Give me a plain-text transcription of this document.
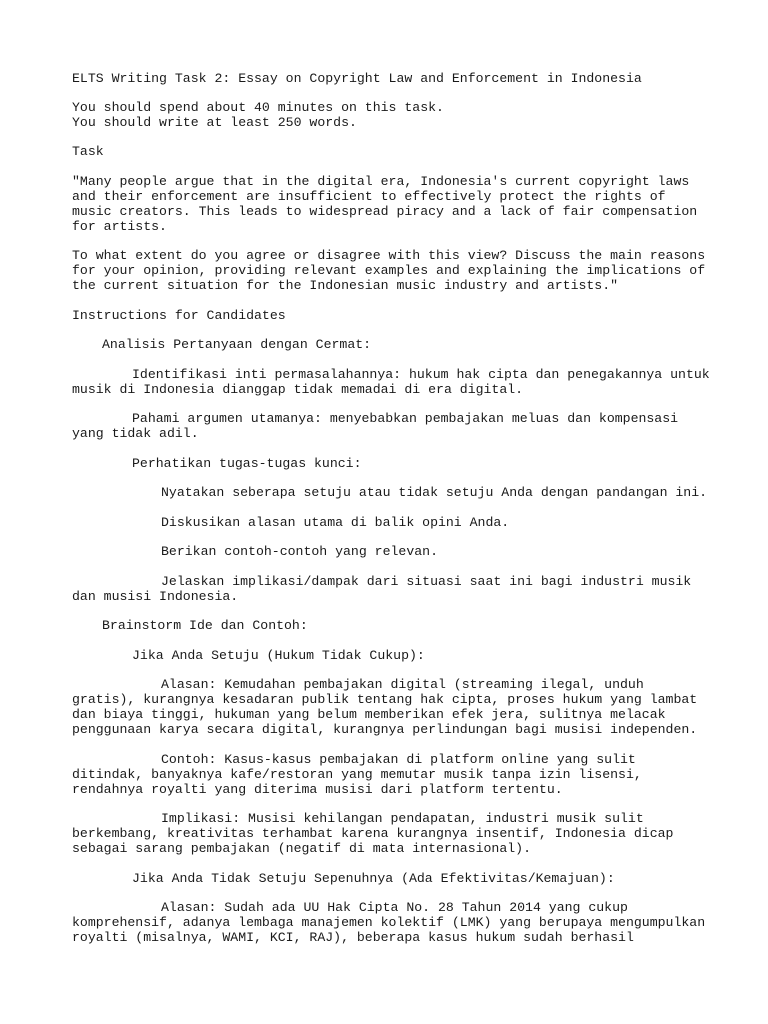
ELTS Writing Task 2: Essay on Copyright Law and Enforcement in Indonesia

You should spend about 40 minutes on this task.
You should write at least 250 words.

Task

"Many people argue that in the digital era, Indonesia's current copyright laws and their enforcement are insufficient to effectively protect the rights of music creators. This leads to widespread piracy and a lack of fair compensation for artists.

To what extent do you agree or disagree with this view? Discuss the main reasons for your opinion, providing relevant examples and explaining the implications of the current situation for the Indonesian music industry and artists."

Instructions for Candidates

Analisis Pertanyaan dengan Cermat:

Identifikasi inti permasalahannya: hukum hak cipta dan penegakannya untuk musik di Indonesia dianggap tidak memadai di era digital.

Pahami argumen utamanya: menyebabkan pembajakan meluas dan kompensasi yang tidak adil.

Perhatikan tugas-tugas kunci:

Nyatakan seberapa setuju atau tidak setuju Anda dengan pandangan ini.

Diskusikan alasan utama di balik opini Anda.

Berikan contoh-contoh yang relevan.

Jelaskan implikasi/dampak dari situasi saat ini bagi industri musik dan musisi Indonesia.

Brainstorm Ide dan Contoh:

Jika Anda Setuju (Hukum Tidak Cukup):

Alasan: Kemudahan pembajakan digital (streaming ilegal, unduh gratis), kurangnya kesadaran publik tentang hak cipta, proses hukum yang lambat dan biaya tinggi, hukuman yang belum memberikan efek jera, sulitnya melacak penggunaan karya secara digital, kurangnya perlindungan bagi musisi independen.

Contoh: Kasus-kasus pembajakan di platform online yang sulit ditindak, banyaknya kafe/restoran yang memutar musik tanpa izin lisensi, rendahnya royalti yang diterima musisi dari platform tertentu.

Implikasi: Musisi kehilangan pendapatan, industri musik sulit berkembang, kreativitas terhambat karena kurangnya insentif, Indonesia dicap sebagai sarang pembajakan (negatif di mata internasional).

Jika Anda Tidak Setuju Sepenuhnya (Ada Efektivitas/Kemajuan):

Alasan: Sudah ada UU Hak Cipta No. 28 Tahun 2014 yang cukup komprehensif, adanya lembaga manajemen kolektif (LMK) yang berupaya mengumpulkan royalti (misalnya, WAMI, KCI, RAJ), beberapa kasus hukum sudah berhasil
